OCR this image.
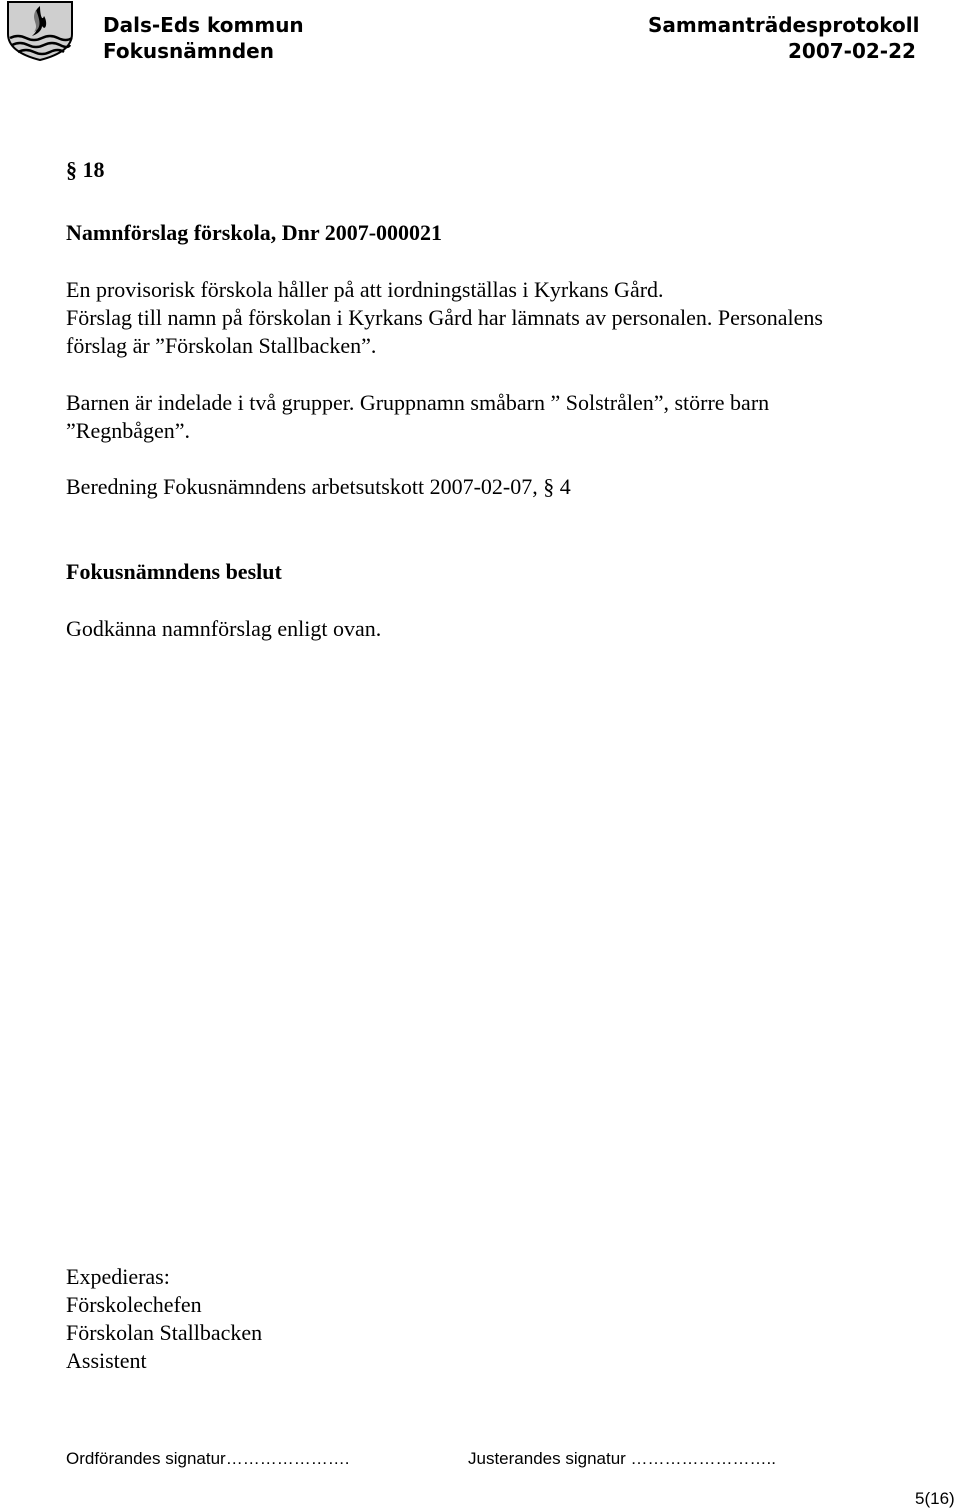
Dals-Eds kommun
Fokusnämnden
Sammanträdesprotokoll
2007-02-22
§ 18
Namnförslag förskola, Dnr 2007-000021
En provisorisk förskola håller på att iordningställas i Kyrkans Gård.
Förslag till namn på förskolan i Kyrkans Gård har lämnats av personalen. Personalens
förslag är ”Förskolan Stallbacken”.
Barnen är indelade i två grupper. Gruppnamn småbarn ” Solstrålen”, större barn
”Regnbågen”.
Beredning Fokusnämndens arbetsutskott 2007-02-07, § 4
Fokusnämndens beslut
Godkänna namnförslag enligt ovan.
Expedieras:
Förskolechefen
Förskolan Stallbacken
Assistent
Ordförandes signatur………………….	Justerandes signatur ……………………..
5(16)
